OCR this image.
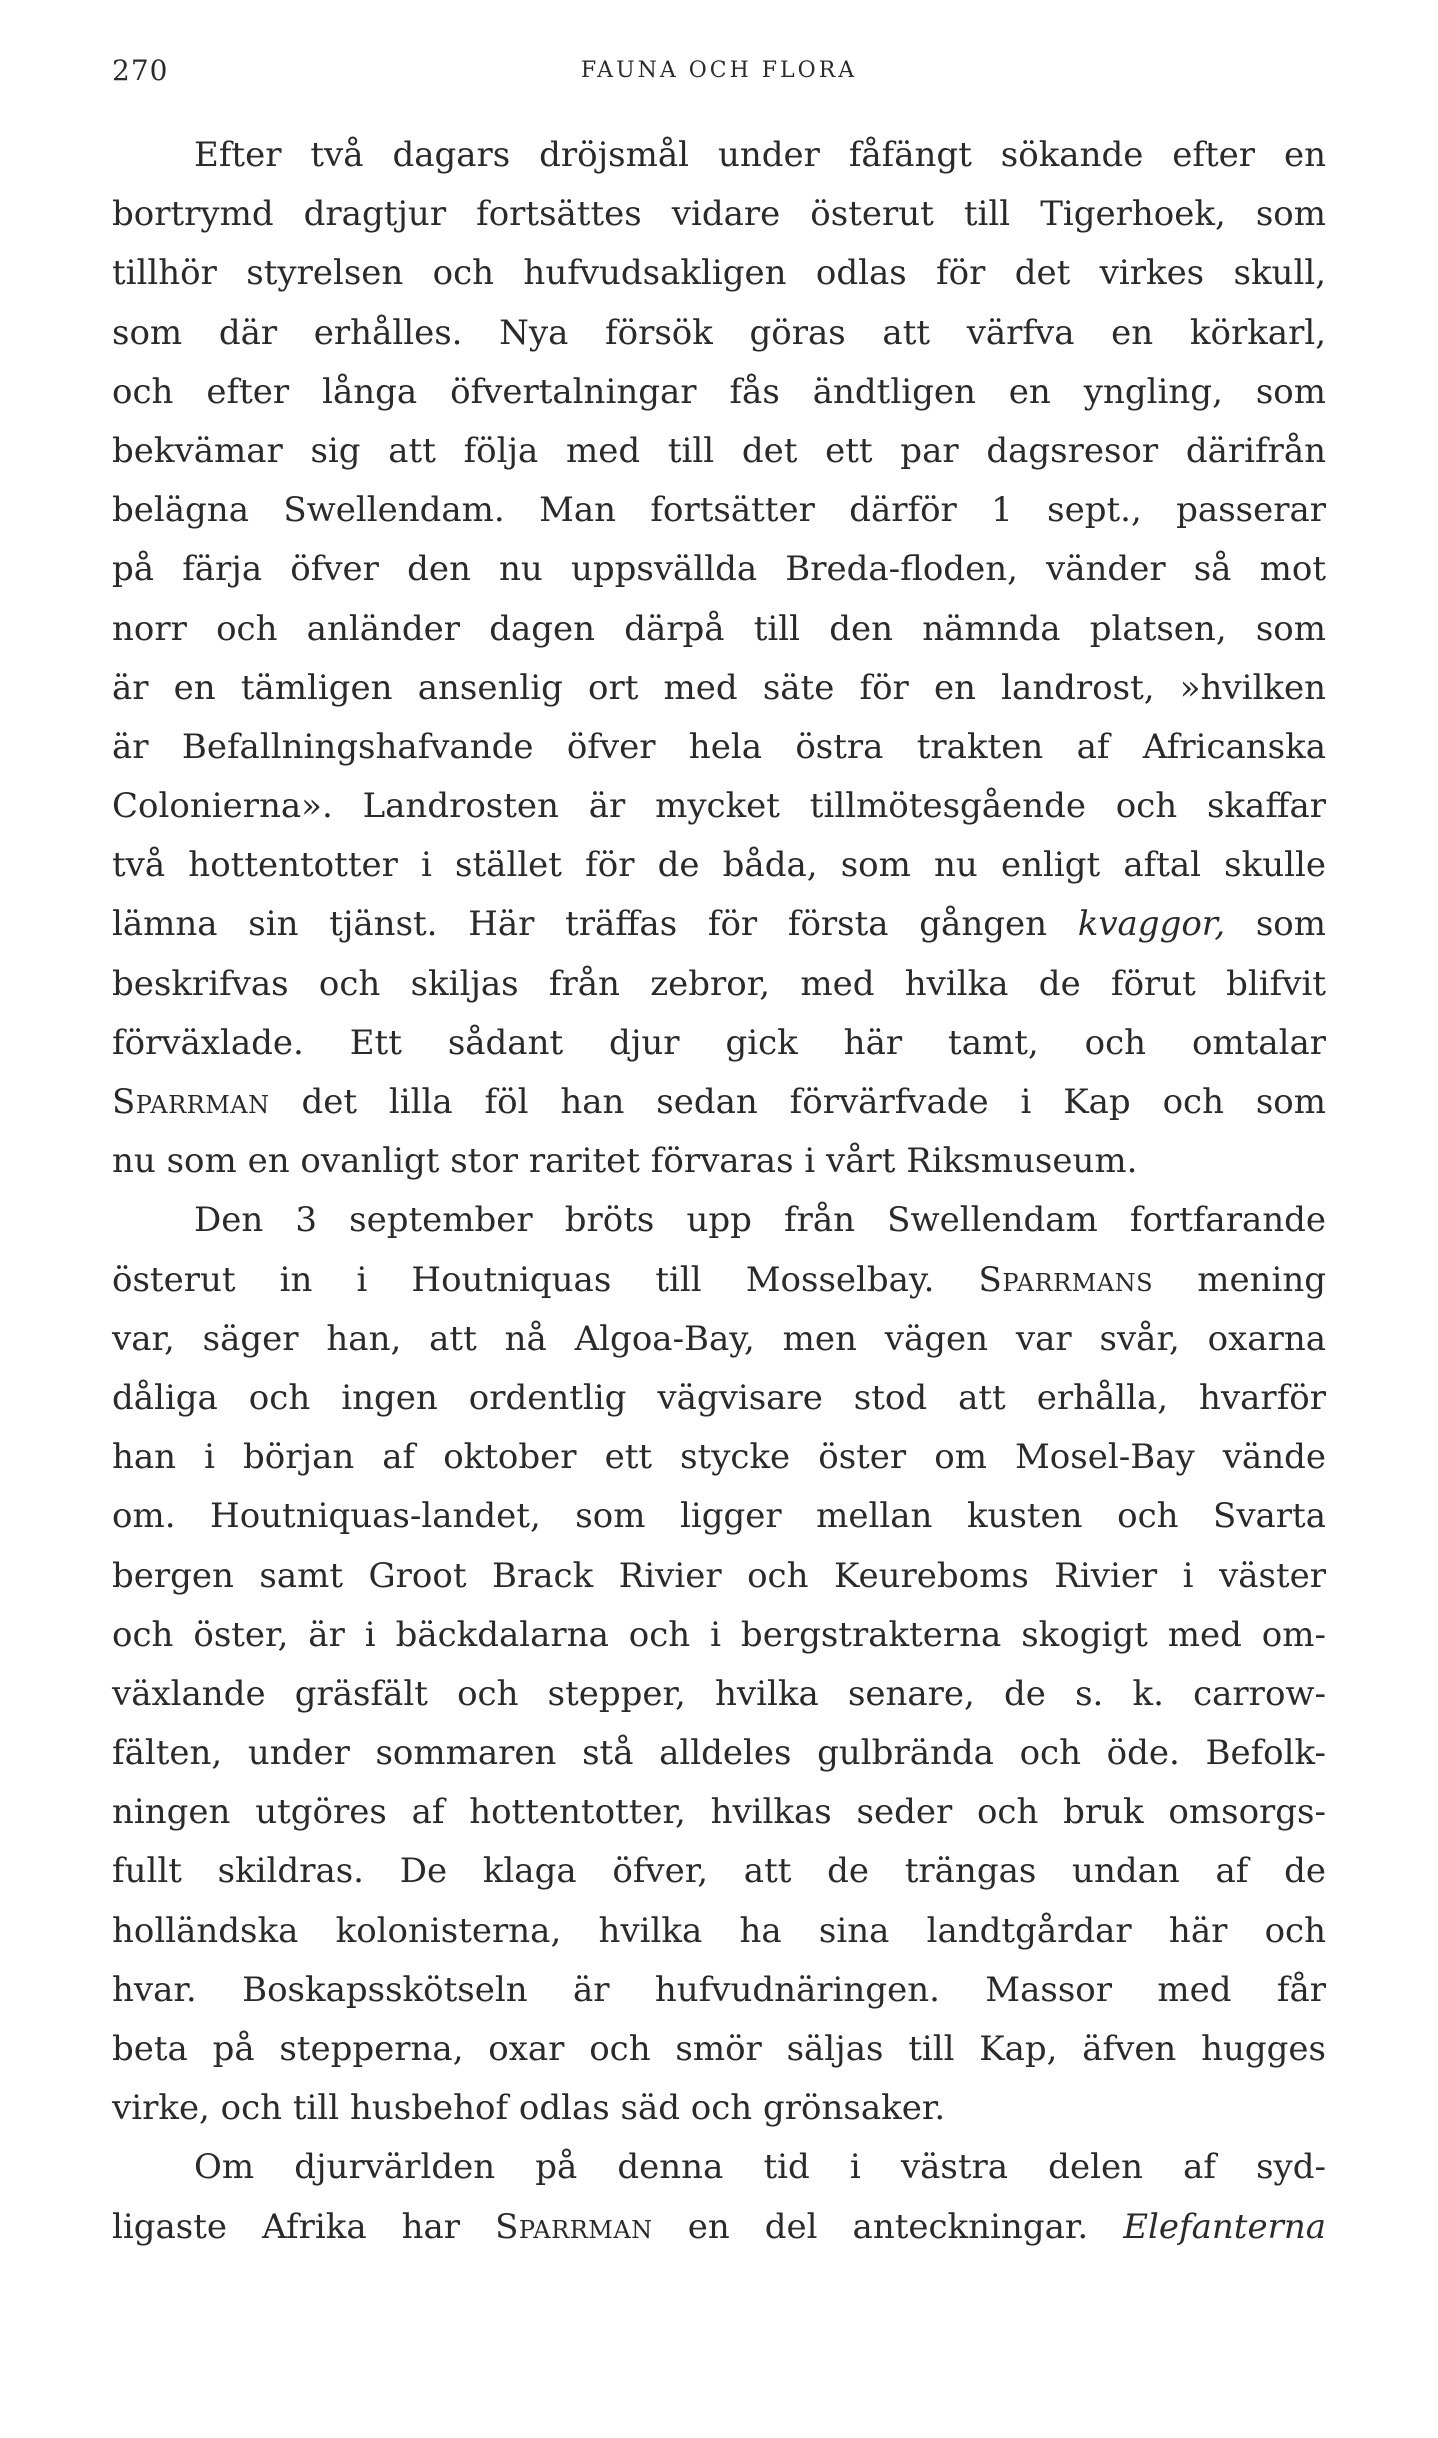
270	FAUNA OCH FLORA
Efter två dagars dröjsmål under fåfängt sökande efter en
bortrymd dragtjur fortsättes vidare österut till Tigerhoek, som
tillhör styrelsen och hufvudsakligen odlas för det virkes skull,
som där erhålles. Nya försök göras att värfva en körkarl,
och efter långa öfvertalningar fås ändtligen en yngling, som
bekvämar sig att följa med till det ett par dagsresor därifrån
belägna Swellendam. Man fortsätter därför 1 sept., passerar
på färja öfver den nu uppsvällda Breda-floden, vänder så mot
norr och anländer dagen därpå till den nämnda platsen, som
är en tämligen ansenlig ort med säte för en landrost, »hvilken
är Befallningshafvande öfver hela östra trakten af Africanska
Colonierna». Landrosten är mycket tillmötesgående och skaffar
två hottentotter i stället för de båda, som nu enligt aftal skulle
lämna sin tjänst. Här träffas för första gången kvaggor, som
beskrifvas och skiljas från zebror, med hvilka de förut blifvit
förväxlade. Ett sådant djur gick här tamt, och omtalar
Sparrman det lilla föl han sedan förvärfvade i Kap och som
nu som en ovanligt stor raritet förvaras i vårt Riksmuseum.
Den 3 september bröts upp från Swellendam fortfarande
österut in i Houtniquas till Mosselbay. Sparrmans mening
var, säger han, att nå Algoa-Bay, men vägen var svår, oxarna
dåliga och ingen ordentlig vägvisare stod att erhålla, hvarför
han i början af oktober ett stycke öster om Mosel-Bay vände
om. Houtniquas-landet, som ligger mellan kusten och Svarta
bergen samt Groot Brack Rivier och Keureboms Rivier i väster
och öster, är i bäckdalarna och i bergstrakterna skogigt med om-
växlande gräsfält och stepper, hvilka senare, de s. k. carrow-
fälten, under sommaren stå alldeles gulbrända och öde. Befolk-
ningen utgöres af hottentotter, hvilkas seder och bruk omsorgs-
fullt skildras. De klaga öfver, att de trängas undan af de
holländska kolonisterna, hvilka ha sina landtgårdar här och
hvar. Boskapsskötseln är hufvudnäringen. Massor med får
beta på stepperna, oxar och smör säljas till Kap, äfven hugges
virke, och till husbehof odlas säd och grönsaker.
Om djurvärlden på denna tid i västra delen af syd-
ligaste Afrika har Sparrman en del anteckningar. Elefanterna
